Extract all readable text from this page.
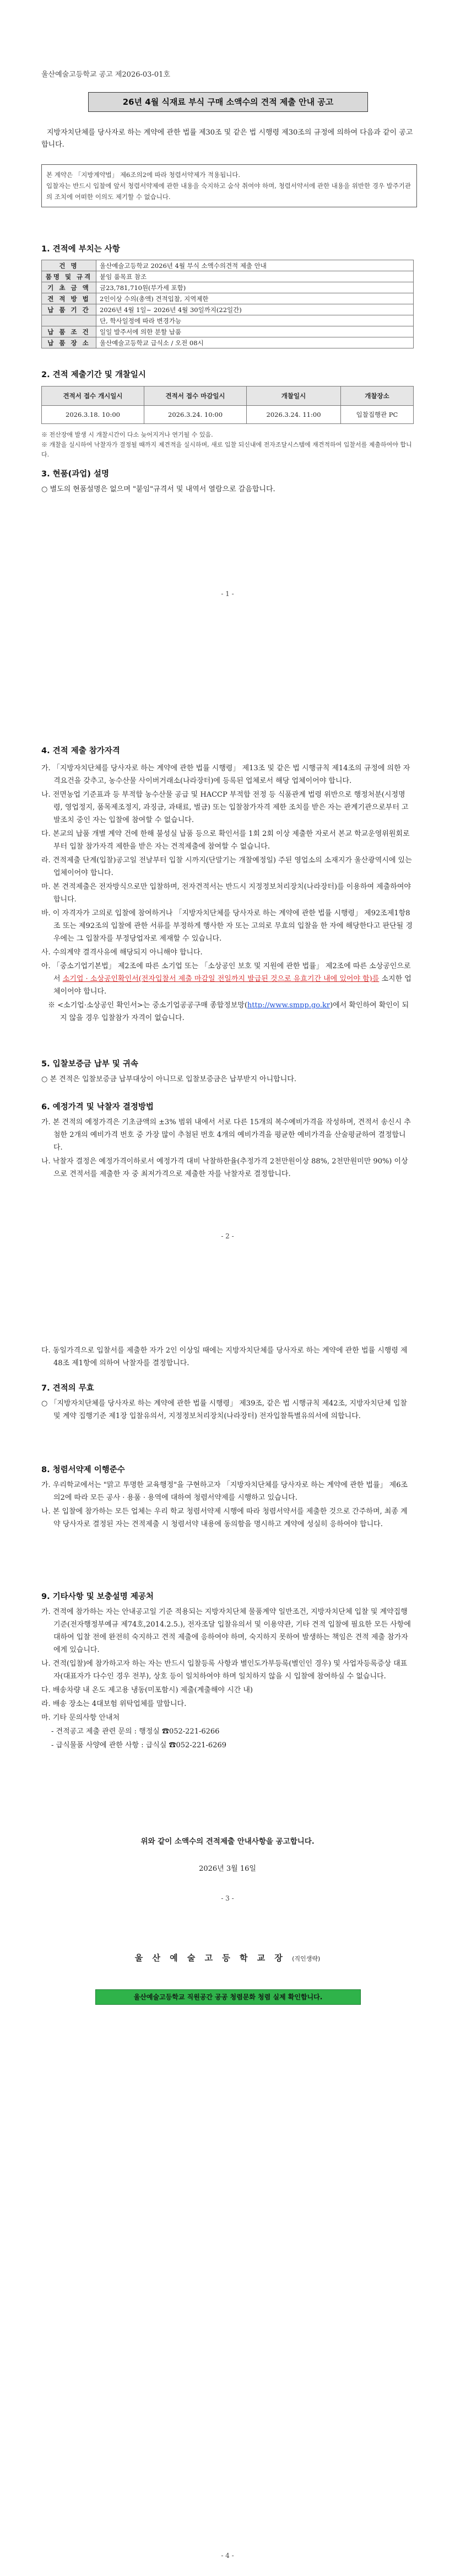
울산예술고등학교 공고 제2026-03-01호
26년 4월 식재료 부식 구매 소액수의 견적 제출 안내 공고

지방자치단체를 당사자로 하는 계약에 관한 법률 제30조 및 같은 법 시행령 제30조의 규정에 의하여 다음과 같이 공고합니다.

본 계약은 「지방계약법」 제6조의2에 따라 청렴서약제가 적용됩니다.

입찰자는 반드시 입찰에 앞서 청렴서약제에 관한 내용을 숙지하고 숨삭 취여야 하며, 청렴서약서에 관한 내용을 위반한 경우 발주기관의 조치에 어떠한 이의도 제기할 수 없습니다.

1. 견적에 부치는 사항
건 명	울산예술고등학교 2026년 4월 부식 소액수의견적 제출 안내
품명 및 규격	붙임 품목표 참조
기 초 금 액	금23,781,710원(부가세 포함)
견 적 방 법	2인이상 수의(총액) 견적입찰, 지역제한
납 품 기 간	2026년 4월 1일~ 2026년 4월 30일까지(22일간)
	단, 학사일정에 따라 변경가능
납 품 조 건	일일 발주서에 의한 분할 납품
납 품 장 소	울산예술고등학교 급식소 / 오전 08시
2. 견적 제출기간 및 개찰일시
견적서 접수 개시일시	견적서 접수 마감일시	개찰일시	개찰장소
2026.3.18. 10:00	2026.3.24. 10:00	2026.3.24. 11:00	입찰집행관 PC

※ 전산장애 발생 시 개찰시간이 다소 늦어지거나 연기될 수 있음.

※ 개찰을 실시하여 낙찰자가 결정될 때까지 제견적을 실시하며, 새로 입찰 되신내에 전자조달시스템에 재견적하여 입찰서를 제출하여야 합니다.

3. 현품(과업) 설명

○ 별도의 현품설명은 없으며 "붙임"규격서 및 내역서 열람으로 갈음합니다.

- 1 -
4. 견적 제출 참가자격

가. 「지방자치단체를 당사자로 하는 계약에 관한 법률 시행령」 제13조 및 같은 법 시행규칙 제14조의 규정에 의한 자격요건을 갖추고, 농수산물 사이버거래소(나라장터)에 등록된 업체로서 해당 업체이어야 합니다.

나. 전면농업 기준표과 등 부적합 농수산물 공급 및 HACCP 부적합 전정 등 식품관계 법령 위반으로 행정처분(시정명령, 영업정지, 품목제조정지, 과징금, 과태료, 벌금) 또는 입찰참가자격 제한 조치를 받은 자는 관계기관으로부터 고발조치 중인 자는 입찰에 참여할 수 없습니다.

다. 본교의 납품 개별 계약 건에 한해 불성실 납품 등으로 확인서를 1회 2회 이상 제출한 자로서 본교 학교운영위원회로부터 입찰 참가자격 제한을 받은 자는 견적제출에 참여할 수 없습니다.

라. 견적제출 단계(입찰)공고일 전날부터 입찰 시까지(단말기는 개찰예정일) 주된 영업소의 소재지가 울산광역시에 있는 업체이어야 합니다.

마. 본 견적제출은 전자방식으로만 입찰하며, 전자견적서는 반드시 지정정보처리장치(나라장터)를 이용하여 제출하여야 합니다.

바. 이 자격자가 고의로 입찰에 참여하거나 「지방자치단체를 당사자로 하는 계약에 관한 법률 시행령」 제92조제1항8조 또는 제92조의 입찰에 관한 서류를 부정하게 행사한 자 또는 고의로 무효의 입찰을 한 자에 해당한다고 판단될 경우에는 그 입찰자를 부정당업자로 제재할 수 있습니다.

사. 수의계약 결격사유에 해당되지 아니해야 합니다.

아. 「중소기업기본법」 제2조에 따른 소기업 또는 「소상공인 보호 및 지원에 관한 법률」 제2조에 따른 소상공인으로서 소기업 · 소상공인확인서(전자입찰서 제출 마감일 전일까지 발급된 것으로 유효기간 내에 있어야 함)를 소지한 업체이어야 합니다.

※ <소기업·소상공인 확인서>는 중소기업공공구매 종합정보망(http://www.smpp.go.kr)에서 확인하여 확인이 되지 않을 경우 입찰참가 자격이 없습니다.

5. 입찰보증금 납부 및 귀속

○ 본 견적은 입찰보증금 납부대상이 아니므로 입찰보증금은 납부받지 아니합니다.

6. 예정가격 및 낙찰자 결정방법

가. 본 견적의 예정가격은 기초금액의 ±3% 범위 내에서 서로 다른 15개의 복수예비가격을 작성하며, 견적서 송신시 추첨한 2개의 예비가격 번호 중 가장 많이 추첨된 번호 4개의 예비가격을 평균한 예비가격을 산술평균하여 결정합니다.

나. 낙찰자 결정은 예정가격이하로서 예정가격 대비 낙찰하한율(추정가격 2천만원이상 88%, 2천만원미만 90%) 이상으로 견적서를 제출한 자 중 최저가격으로 제출한 자를 낙찰자로 결정합니다.

- 2 -

다. 동일가격으로 입찰서를 제출한 자가 2인 이상일 때에는 지방자치단체를 당사자로 하는 계약에 관한 법률 시행령 제48조 제1항에 의하여 낙찰자를 결정합니다.

7. 견적의 무효

○ 「지방자치단체를 당사자로 하는 계약에 관한 법률 시행령」 제39조, 같은 법 시행규칙 제42조, 지방자치단체 입찰 및 계약 집행기준 제1장 입찰유의서, 지정정보처리장치(나라장터) 전자입찰특별유의서에 의합니다.

8. 청렴서약제 이행준수

가. 우리학교에서는 "맑고 투명한 교육행정"을 구현하고자 「지방자치단체를 당사자로 하는 계약에 관한 법률」 제6조의2에 따라 모든 공사 · 용품 · 용역에 대하여 청렴서약제를 시행하고 있습니다.

나. 본 입찰에 참가하는 모든 업체는 우리 학교 청렴서약제 시행에 따라 청렴서약서를 제출한 것으로 간주하며, 최종 계약 당사자로 결정된 자는 견적제출 시 청렴서약 내용에 동의함을 명시하고 계약에 성실히 응하여야 합니다.

9. 기타사항 및 보충설명 제공처

가. 견적에 참가하는 자는 안내공고일 기준 적용되는 지방자치단체 물품계약 일반조건, 지방자치단체 입찰 및 계약집행기준(전자행정부예규 제74호,2014.2.5.), 전자조달 입찰유의서 및 이용약관, 기타 견적 입찰에 필요한 모든 사항에 대하여 입찰 전에 완전히 숙지하고 견적 제출에 응하여야 하며, 숙지하지 못하여 발생하는 책임은 견적 제출 참가자에게 있습니다.

나. 견적(입찰)에 참가하고자 하는 자는 반드시 입찰등록 사항과 별인도가부등록(별인인 경우) 및 사업자등록증상 대표자(대표자가 다수인 경우 전부), 상호 등이 일치하여야 하며 일치하지 않을 시 입찰에 참여하실 수 없습니다.

다. 배송차량 내 온도 제고용 냉동(미포함시) 제출(계출해야 시간 내)

라. 배송 장소는 4대보험 위탁업체를 말합니다.

마. 기타 문의사항 안내처

- 견적공고 제출 관련 문의 : 행정실 ☎052-221-6266

- 급식물품 사양에 관한 사항 : 급식실 ☎052-221-6269

위와 같이 소액수의 견적제출 안내사항을 공고합니다.
2026년 3월 16일
- 3 -
울 산 예 술 고 등 학 교 장 (직인생략)
울산예술고등학교 직원공간 공공 청렴문화 청렴 실제 확인합니다.
- 4 -
